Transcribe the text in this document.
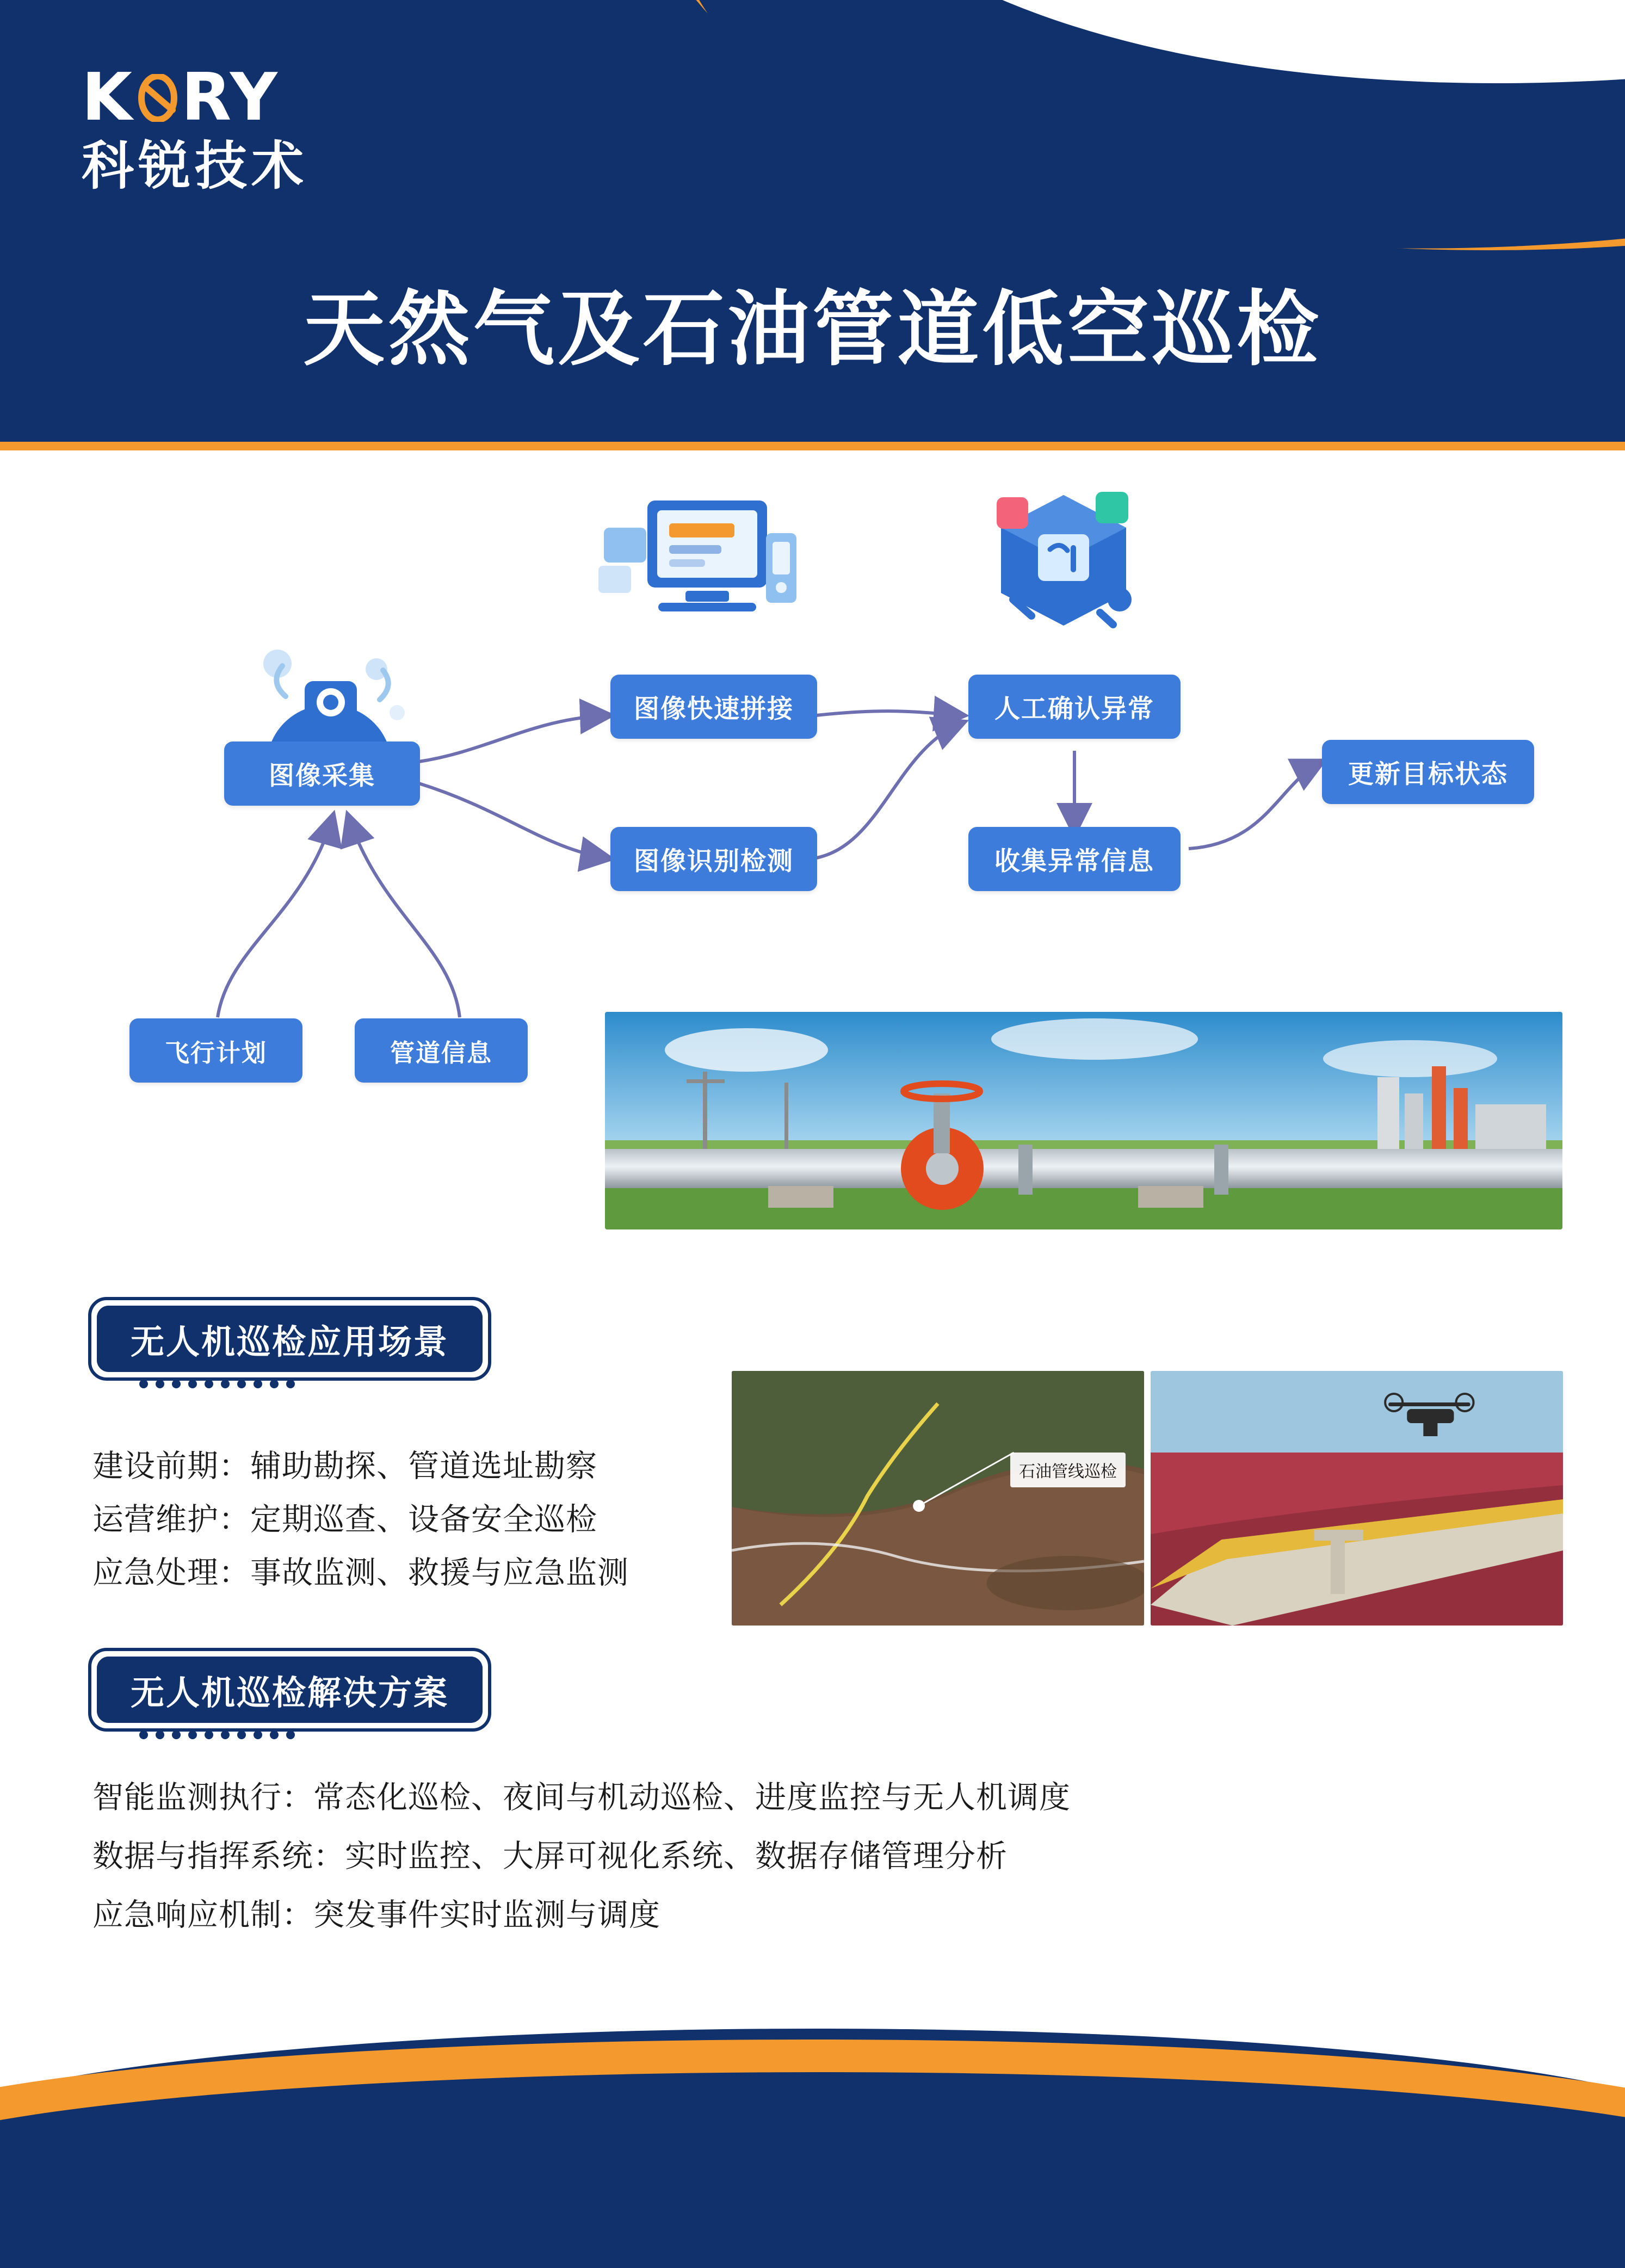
K RY
科锐技术
天然气及石油管道低空巡检
图像采集
图像快速拼接
图像识别检测
人工确认异常
收集异常信息
更新目标状态
飞行计划	管道信息
无人机巡检应用场景
建设前期：辅助勘探、管道选址勘察
运营维护：定期巡查、设备安全巡检
应急处理：事故监测、救援与应急监测
石油管线巡检
无人机巡检解决方案
智能监测执行：常态化巡检、夜间与机动巡检、进度监控与无人机调度
数据与指挥系统：实时监控、大屏可视化系统、数据存储管理分析
应急响应机制：突发事件实时监测与调度
